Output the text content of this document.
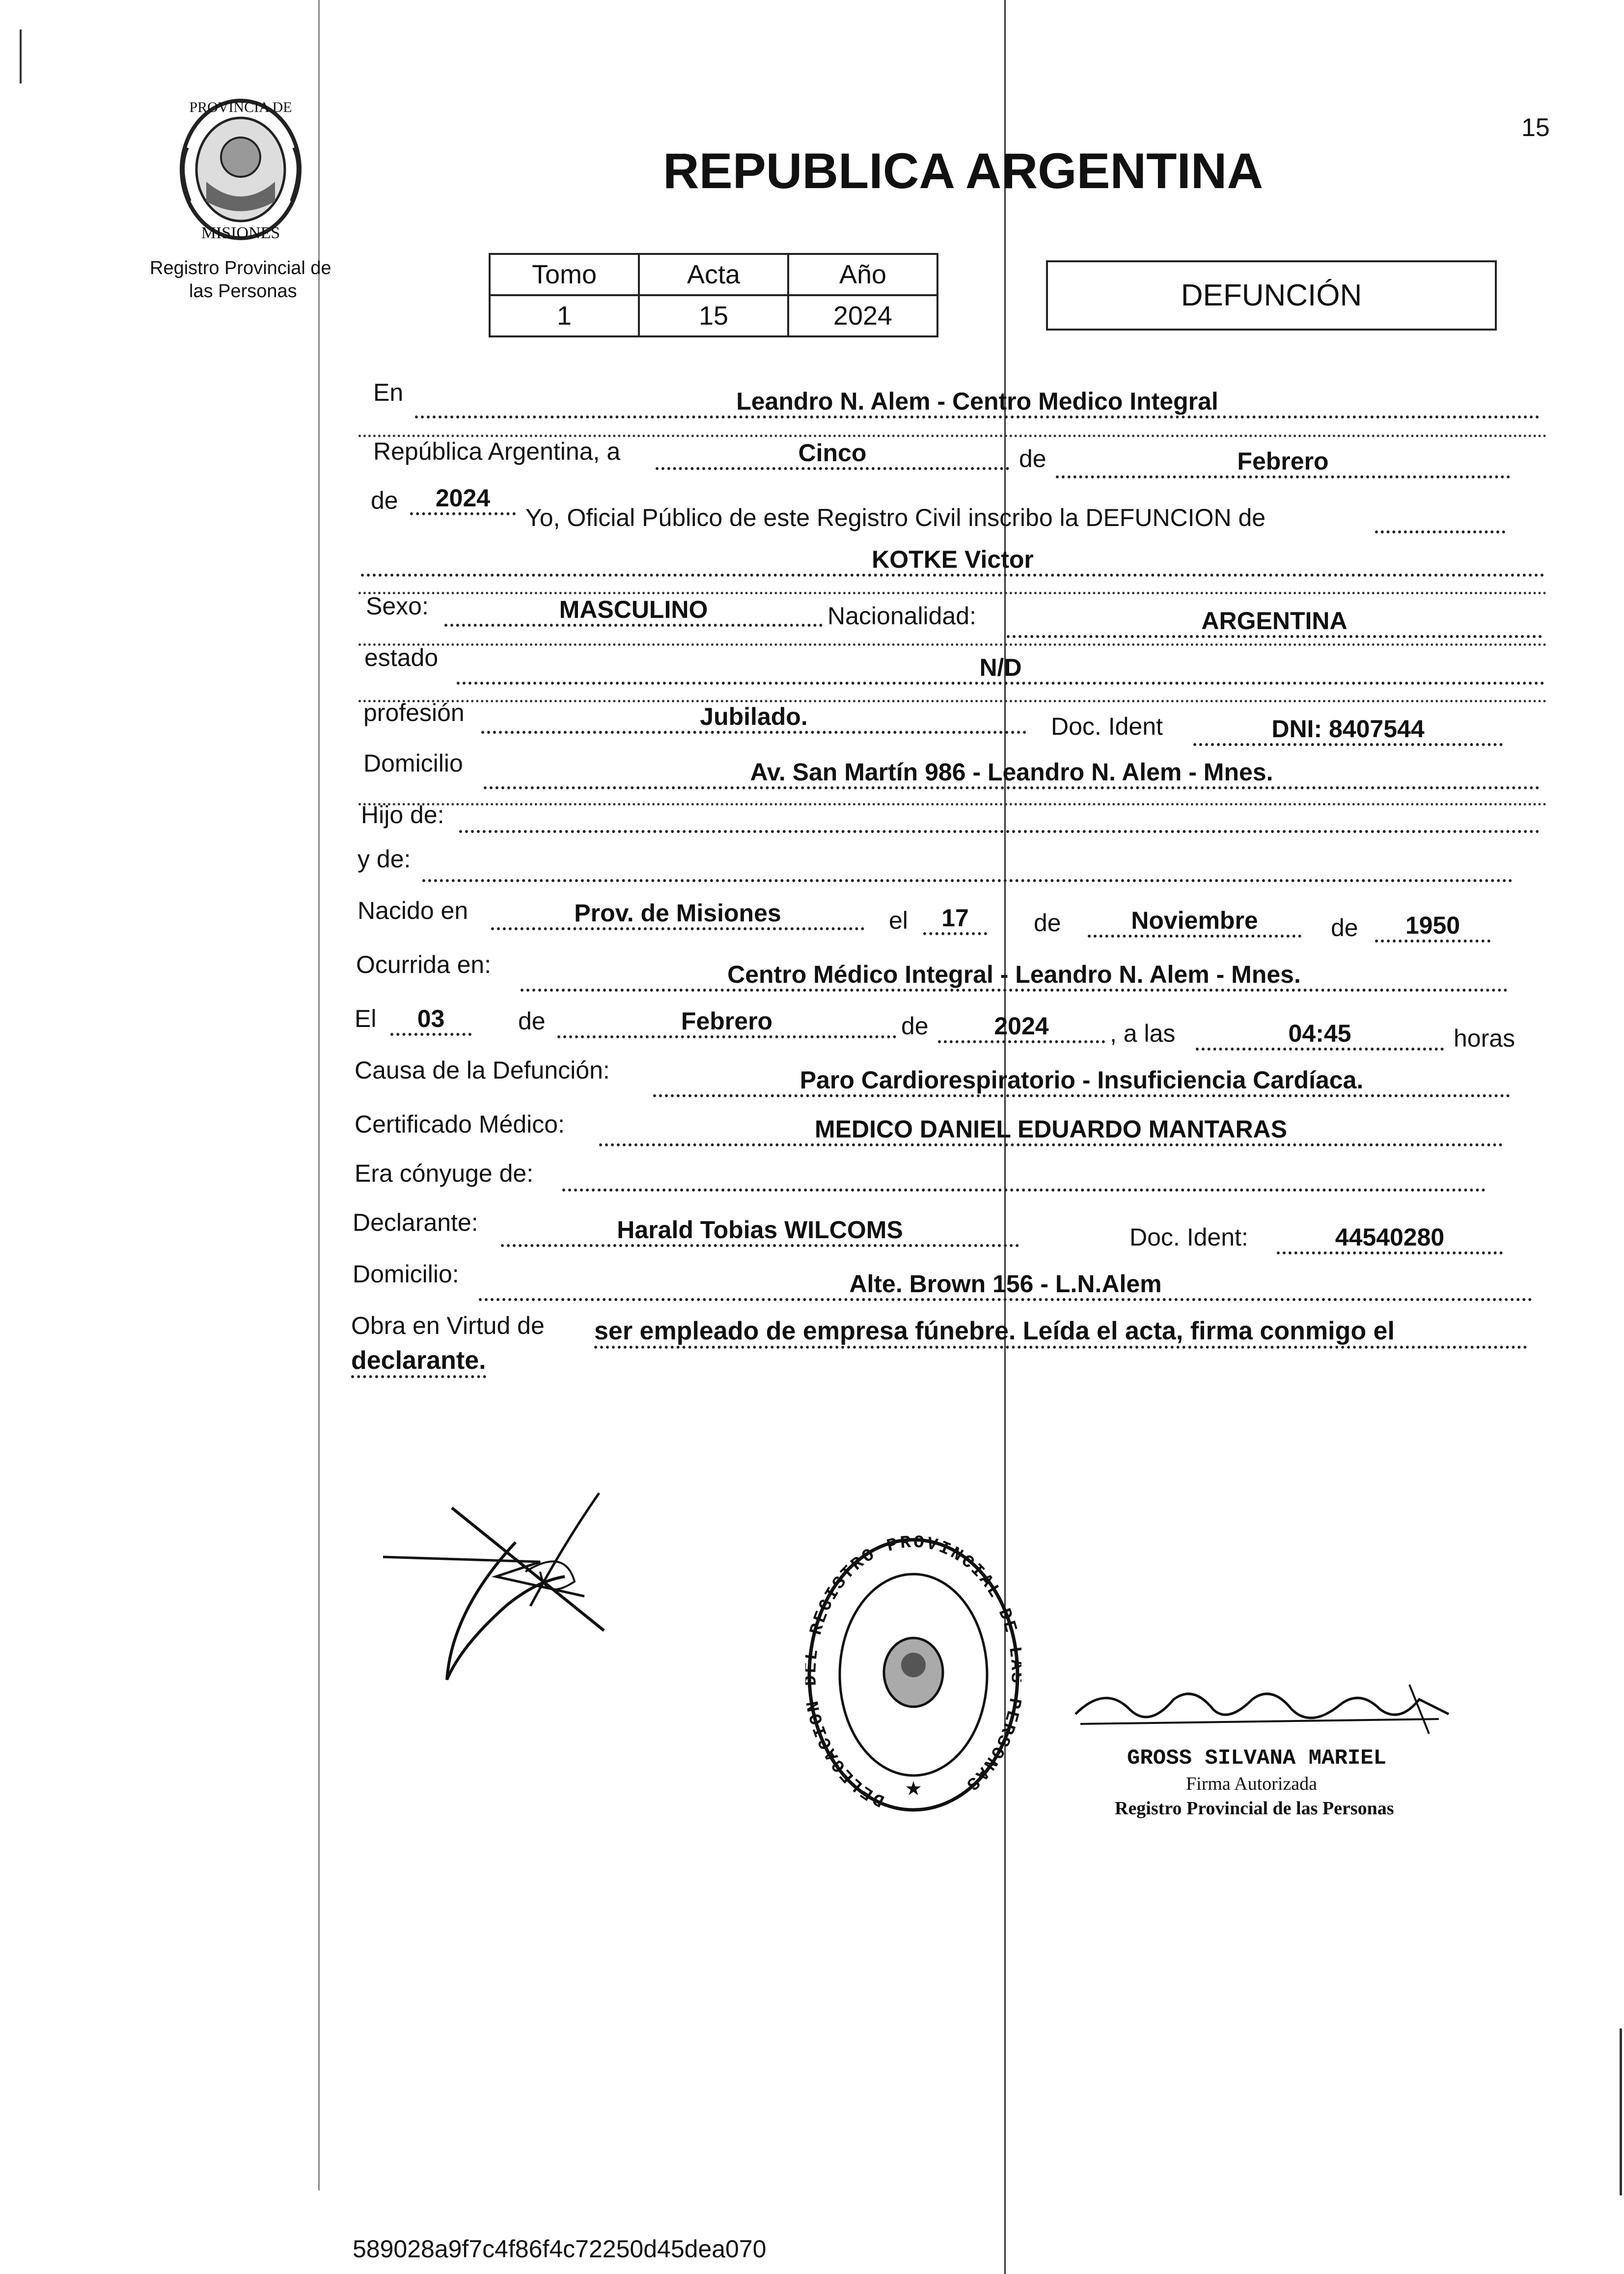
15
PROVINCIA DE
MISIONES
Registro Provincial de
las Personas
REPUBLICA ARGENTINA
Tomo	Acta	Año
1	15	2024
DEFUNCIÓN
En	Leandro N. Alem - Centro Medico Integral
República Argentina, a	Cinco	de	Febrero
de	2024
Yo, Oficial Público de este Registro Civil inscribo la DEFUNCION de
KOTKE Victor
Sexo:	MASCULINO	Nacionalidad:	ARGENTINA
estado	N/D
profesión	Jubilado.	Doc. Ident	DNI: 8407544
Domicilio	Av. San Martín 986 - Leandro N. Alem - Mnes.
Hijo de:
y de:
Nacido en	Prov. de Misiones	el	17	de	Noviembre	de	1950
Ocurrida en:	Centro Médico Integral - Leandro N. Alem - Mnes.
El	03	de	Febrero	de	2024	, a las	04:45	horas
Causa de la Defunción:	Paro Cardiorespiratorio - Insuficiencia Cardíaca.
Certificado Médico:	MEDICO DANIEL EDUARDO MANTARAS
Era cónyuge de:
Declarante:	Harald Tobias WILCOMS	Doc. Ident:	44540280
Domicilio:	Alte. Brown 156 - L.N.Alem
Obra en Virtud de ser empleado de empresa fúnebre. Leída el acta, firma conmigo el
declarante.
DELEGACIO REGISTRO PROVINCIAL DE ERSONAS
★
GROSS SILVANA MARIEL
Firma Autorizada
Registro Provincial de las Personas
589028a9f7c4f86f4c72250d45dea070
